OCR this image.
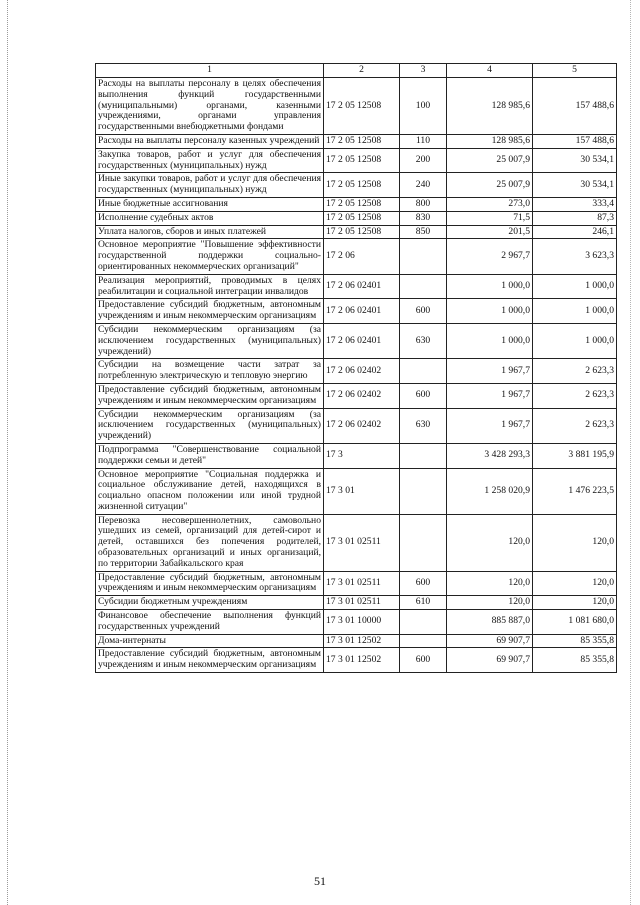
1	2	3	4	5
Расходы на выплаты персоналу в целях обеспечения выполнения функций государственными (муниципальными) органами, казенными учреждениями, органами управления государственными внебюджетными фондами	17 2 05 12508	100	128 985,6	157 488,6
Расходы на выплаты персоналу казенных учреждений	17 2 05 12508	110	128 985,6	157 488,6
Закупка товаров, работ и услуг для обеспечения государственных (муниципальных) нужд	17 2 05 12508	200	25 007,9	30 534,1
Иные закупки товаров, работ и услуг для обеспечения государственных (муниципальных) нужд	17 2 05 12508	240	25 007,9	30 534,1
Иные бюджетные ассигнования	17 2 05 12508	800	273,0	333,4
Исполнение судебных актов	17 2 05 12508	830	71,5	87,3
Уплата налогов, сборов и иных платежей	17 2 05 12508	850	201,5	246,1
Основное мероприятие "Повышение эффективности государственной поддержки социально-ориентированных некоммерческих организаций"	17 2 06		2 967,7	3 623,3
Реализация мероприятий, проводимых в целях реабилитации и социальной интеграции инвалидов	17 2 06 02401		1 000,0	1 000,0
Предоставление субсидий бюджетным, автономным учреждениям и иным некоммерческим организациям	17 2 06 02401	600	1 000,0	1 000,0
Субсидии некоммерческим организациям (за исключением государственных (муниципальных) учреждений)	17 2 06 02401	630	1 000,0	1 000,0
Субсидии на возмещение части затрат за потребленную электрическую и тепловую энергию	17 2 06 02402		1 967,7	2 623,3
Предоставление субсидий бюджетным, автономным учреждениям и иным некоммерческим организациям	17 2 06 02402	600	1 967,7	2 623,3
Субсидии некоммерческим организациям (за исключением государственных (муниципальных) учреждений)	17 2 06 02402	630	1 967,7	2 623,3
Подпрограмма "Совершенствование социальной поддержки семьи и детей"	17 3		3 428 293,3	3 881 195,9
Основное мероприятие "Социальная поддержка и социальное обслуживание детей, находящихся в социально опасном положении или иной трудной жизненной ситуации"	17 3 01		1 258 020,9	1 476 223,5
Перевозка несовершеннолетних, самовольно ушедших из семей, организаций для детей-сирот и детей, оставшихся без попечения родителей, образовательных организаций и иных организаций, по территории Забайкальского края	17 3 01 02511		120,0	120,0
Предоставление субсидий бюджетным, автономным учреждениям и иным некоммерческим организациям	17 3 01 02511	600	120,0	120,0
Субсидии бюджетным учреждениям	17 3 01 02511	610	120,0	120,0
Финансовое обеспечение выполнения функций государственных учреждений	17 3 01 10000		885 887,0	1 081 680,0
Дома-интернаты	17 3 01 12502		69 907,7	85 355,8
Предоставление субсидий бюджетным, автономным учреждениям и иным некоммерческим организациям	17 3 01 12502	600	69 907,7	85 355,8
51
